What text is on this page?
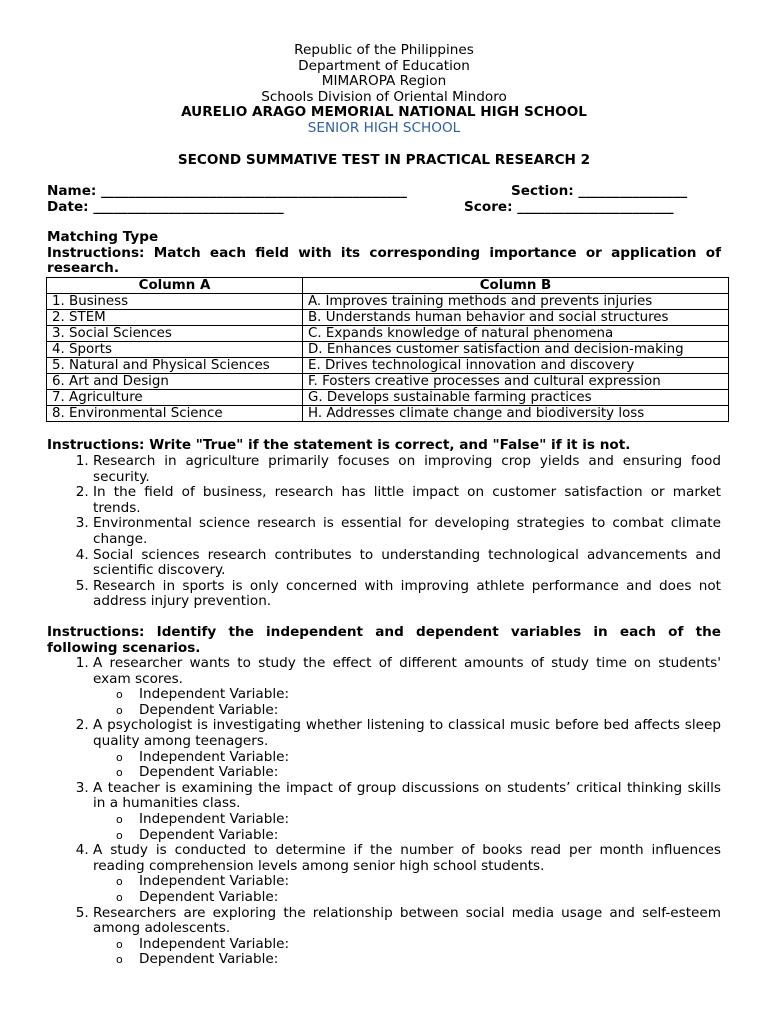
Republic of the Philippines
Department of Education
MIMAROPA Region
Schools Division of Oriental Mindoro
AURELIO ARAGO MEMORIAL NATIONAL HIGH SCHOOL
SENIOR HIGH SCHOOL
SECOND SUMMATIVE TEST IN PRACTICAL RESEARCH 2
Name: _____________________________________________	Section: ________________
Date: ____________________________	Score: _______________________
Matching Type
Instructions: Match each field with its corresponding importance or application of research.
Column A	Column B
1. Business	A. Improves training methods and prevents injuries
2. STEM	B. Understands human behavior and social structures
3. Social Sciences	C. Expands knowledge of natural phenomena
4. Sports	D. Enhances customer satisfaction and decision-making
5. Natural and Physical Sciences	E. Drives technological innovation and discovery
6. Art and Design	F. Fosters creative processes and cultural expression
7. Agriculture	G. Develops sustainable farming practices
8. Environmental Science	H. Addresses climate change and biodiversity loss
Instructions: Write "True" if the statement is correct, and "False" if it is not.
1. Research in agriculture primarily focuses on improving crop yields and ensuring food security.
2. In the field of business, research has little impact on customer satisfaction or market trends.
3. Environmental science research is essential for developing strategies to combat climate change.
4. Social sciences research contributes to understanding technological advancements and scientific discovery.
5. Research in sports is only concerned with improving athlete performance and does not address injury prevention.
Instructions: Identify the independent and dependent variables in each of the following scenarios.
1. A researcher wants to study the effect of different amounts of study time on students' exam scores.
o Independent Variable:
o Dependent Variable:
2. A psychologist is investigating whether listening to classical music before bed affects sleep quality among teenagers.
o Independent Variable:
o Dependent Variable:
3. A teacher is examining the impact of group discussions on students’ critical thinking skills in a humanities class.
o Independent Variable:
o Dependent Variable:
4. A study is conducted to determine if the number of books read per month influences reading comprehension levels among senior high school students.
o Independent Variable:
o Dependent Variable:
5. Researchers are exploring the relationship between social media usage and self-esteem among adolescents.
o Independent Variable:
o Dependent Variable:
